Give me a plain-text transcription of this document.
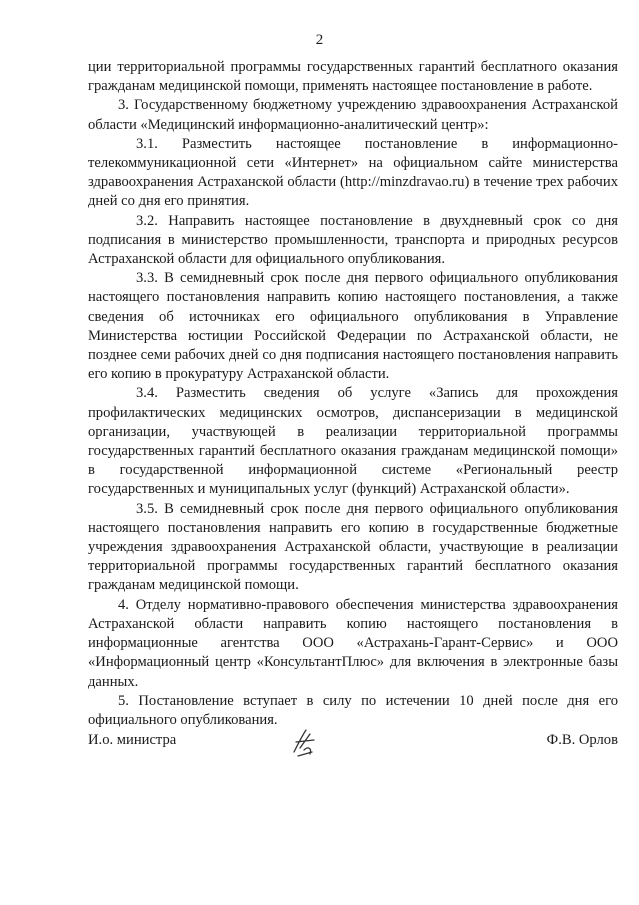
2

ции территориальной программы государственных гарантий бесплатного оказания гражданам медицинской помощи, применять настоящее постановление в работе.

3. Государственному бюджетному учреждению здравоохранения Астраханской области «Медицинский информационно-аналитический центр»:

3.1. Разместить настоящее постановление в информационно-телекоммуникационной сети «Интернет» на официальном сайте министерства здравоохранения Астраханской области (http://minzdravao.ru) в течение трех рабочих дней со дня его принятия.

3.2. Направить настоящее постановление в двухдневный срок со дня подписания в министерство промышленности, транспорта и природных ресурсов Астраханской области для официального опубликования.

3.3. В семидневный срок после дня первого официального опубликования настоящего постановления направить копию настоящего постановления, а также сведения об источниках его официального опубликования в Управление Министерства юстиции Российской Федерации по Астраханской области, не позднее семи рабочих дней со дня подписания настоящего постановления направить его копию в прокуратуру Астраханской области.

3.4. Разместить сведения об услуге «Запись для прохождения профилактических медицинских осмотров, диспансеризации в медицинской организации, участвующей в реализации территориальной программы государственных гарантий бесплатного оказания гражданам медицинской помощи» в государственной информационной системе «Региональный реестр государственных и муниципальных услуг (функций) Астраханской области».

3.5. В семидневный срок после дня первого официального опубликования настоящего постановления направить его копию в государственные бюджетные учреждения здравоохранения Астраханской области, участвующие в реализации территориальной программы государственных гарантий бесплатного оказания гражданам медицинской помощи.

4. Отделу нормативно-правового обеспечения министерства здравоохранения Астраханской области направить копию настоящего постановления в информационные агентства ООО «Астрахань-Гарант-Сервис» и ООО «Информационный центр «КонсультантПлюс» для включения в электронные базы данных.

5. Постановление вступает в силу по истечении 10 дней после дня его официального опубликования.

И.о. министра	Ф.В. Орлов
